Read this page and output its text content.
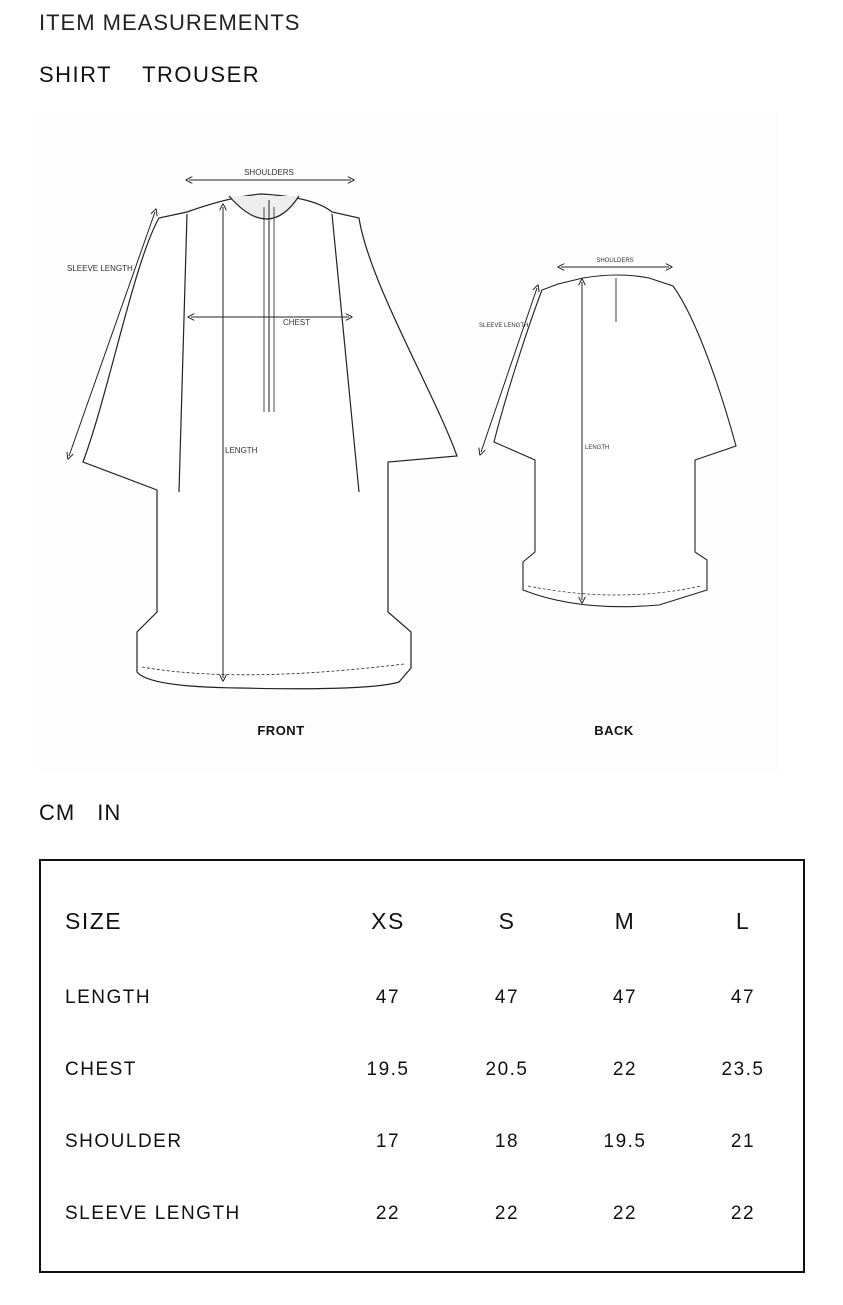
ITEM MEASUREMENTS
SHIRT TROUSER
SHOULDERS
SLEEVE LENGTH
CHEST
LENGTH
FRONT
SHOULDERS
SLEEVE LENGTH
LENGTH
BACK
CM IN
SIZE	XS	S	M	L
LENGTH	47	47	47	47
CHEST	19.5	20.5	22	23.5
SHOULDER	17	18	19.5	21
SLEEVE LENGTH	22	22	22	22
